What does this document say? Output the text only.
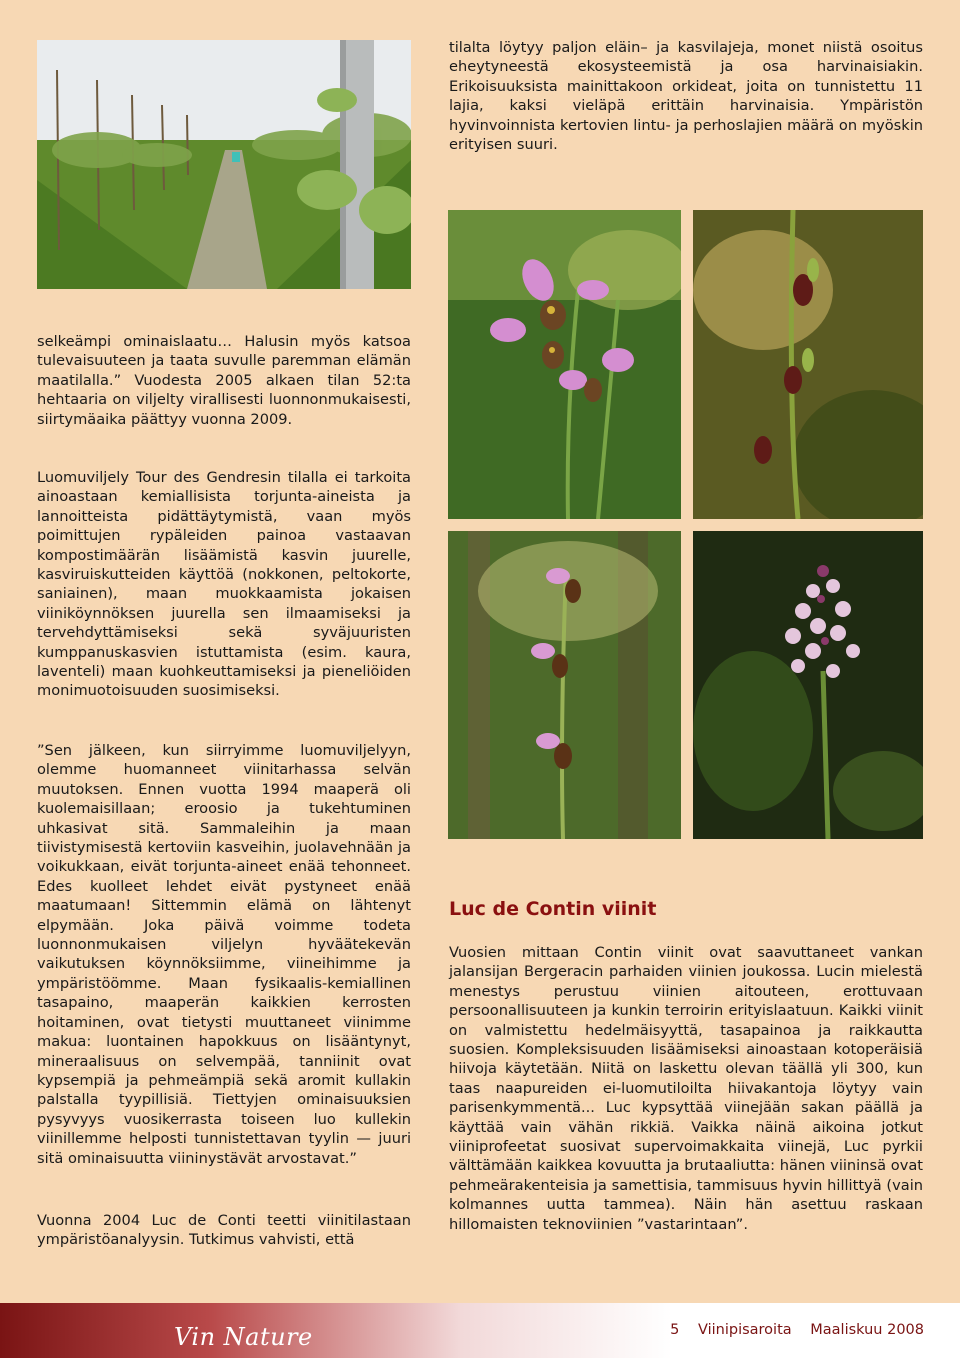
tilalta löytyy paljon eläin– ja kasvilajeja, monet niistä osoitus eheytyneestä ekosysteemistä ja osa harvinaisiakin. Erikoisuuksista mainittakoon orkideat, joita on tunnistettu 11 lajia, kaksi vieläpä erittäin harvinaisia. Ympäristön hyvinvoinnista kertovien lintu- ja perhoslajien määrä on myöskin erityisen suuri.

selkeämpi ominaislaatu… Halusin myös katsoa tulevaisuuteen ja taata suvulle paremman elämän maatilalla.” Vuodesta 2005 alkaen tilan 52:ta hehtaaria on viljelty virallisesti luonnonmukaisesti, siirtymäaika päättyy vuonna 2009.

Luomuviljely Tour des Gendresin tilalla ei tarkoita ainoastaan kemiallisista torjunta-aineista ja lannoitteista pidättäytymistä, vaan myös poimittujen rypäleiden painoa vastaavan kompostimäärän lisäämistä kasvin juurelle, kasviruiskutteiden käyttöä (nokkonen, peltokorte, saniainen), maan muokkaamista jokaisen viiniköynnöksen juurella sen ilmaamiseksi ja tervehdyttämiseksi sekä syväjuuristen kumppanuskasvien istuttamista (esim. kaura, laventeli) maan kuohkeuttamiseksi ja pieneliöiden monimuotoisuuden suosimiseksi.

”Sen jälkeen, kun siirryimme luomuviljelyyn, olemme huomanneet viinitarhassa selvän muutoksen. Ennen vuotta 1994 maaperä oli kuolemaisillaan; eroosio ja tukehtuminen uhkasivat sitä. Sammaleihin ja maan tiivistymisestä kertoviin kasveihin, juolavehnään ja voikukkaan, eivät torjunta-aineet enää tehonneet. Edes kuolleet lehdet eivät pystyneet enää maatumaan! Sittemmin elämä on lähtenyt elpymään. Joka päivä voimme todeta luonnonmukaisen viljelyn hyväätekevän vaikutuksen köynnöksiimme, viineihimme ja ympäristöömme. Maan fysikaalis-kemiallinen tasapaino, maaperän kaikkien kerrosten hoitaminen, ovat tietysti muuttaneet viinimme makua: luontainen hapokkuus on lisääntynyt, mineraalisuus on selvempää, tanniinit ovat kypsempiä ja pehmeämpiä sekä aromit kullakin palstalla tyypillisiä. Tiettyjen ominaisuuksien pysyvyys vuosikerrasta toiseen luo kullekin viinillemme helposti tunnistettavan tyylin — juuri sitä ominaisuutta viininystävät arvostavat.”

Vuonna 2004 Luc de Conti teetti viinitilastaan ympäristöanalyysin. Tutkimus vahvisti, että

Luc de Contin viinit

Vuosien mittaan Contin viinit ovat saavuttaneet vankan jalansijan Bergeracin parhaiden viinien joukossa. Lucin mielestä menestys perustuu viinien aitouteen, erottuvaan persoonallisuuteen ja kunkin terroirin erityislaatuun. Kaikki viinit on valmistettu hedelmäisyyttä, tasapainoa ja raikkautta suosien. Kompleksisuuden lisäämiseksi ainoastaan kotoperäisiä hiivoja käytetään. Niitä on laskettu olevan täällä yli 300, kun taas naapureiden ei-luomutiloilta hiivakantoja löytyy vain parisenkymmentä... Luc kypsyttää viinejään sakan päällä ja käyttää vain vähän rikkiä. Vaikka näinä aikoina jotkut viiniprofeetat suosivat supervoimakkaita viinejä, Luc pyrkii välttämään kaikkea kovuutta ja brutaaliutta: hänen viininsä ovat pehmeärakenteisia ja samettisia, tammisuus hyvin hillittyä (vain kolmannes uutta tammea). Näin hän asettuu raskaan hillomaisten teknoviinien ”vastarintaan”.

Vin Nature	5 Viinipisaroita Maaliskuu 2008
